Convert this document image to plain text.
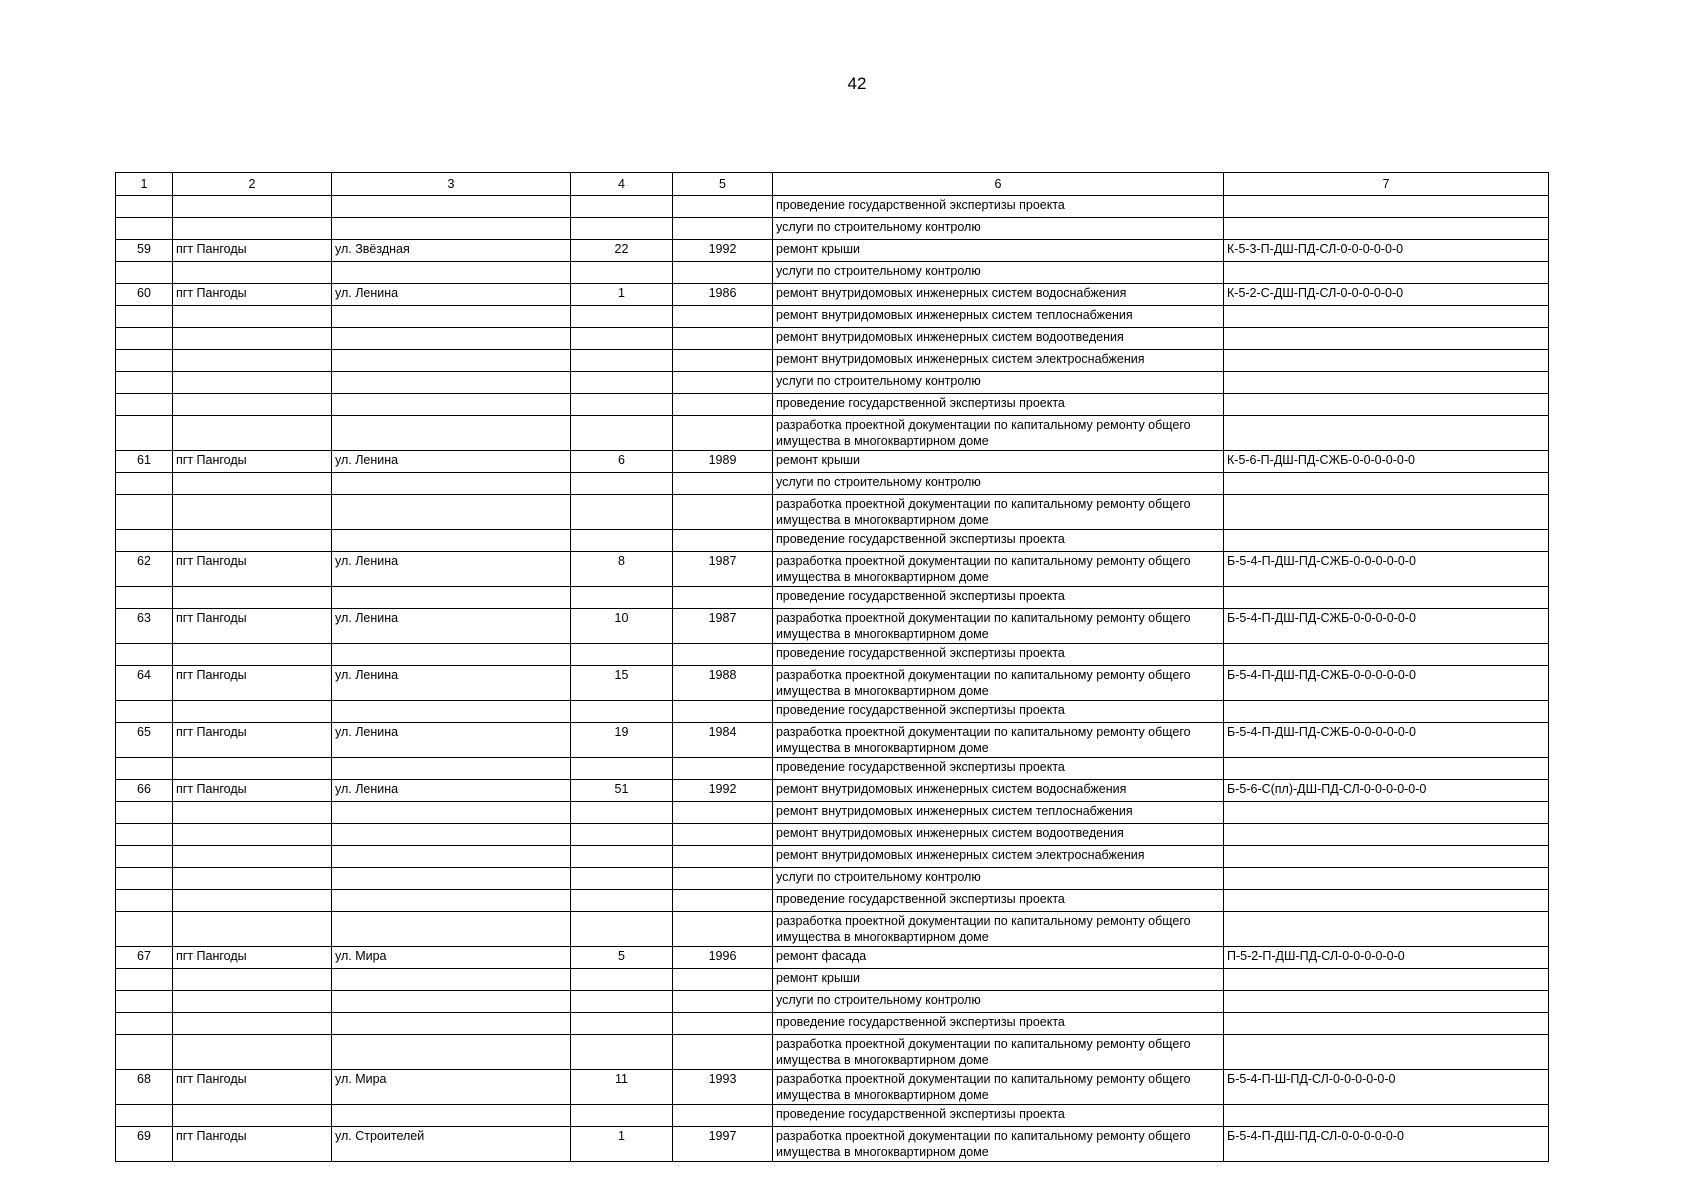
42
1	2	3	4	5	6	7
					проведение государственной экспертизы проекта	
					услуги по строительному контролю	
59	пгт Пангоды	ул. Звёздная	22	1992	ремонт крыши	К-5-3-П-ДШ-ПД-СЛ-0-0-0-0-0-0
					услуги по строительному контролю	
60	пгт Пангоды	ул. Ленина	1	1986	ремонт внутридомовых инженерных систем водоснабжения	К-5-2-С-ДШ-ПД-СЛ-0-0-0-0-0-0
					ремонт внутридомовых инженерных систем теплоснабжения	
					ремонт внутридомовых инженерных систем водоотведения	
					ремонт внутридомовых инженерных систем электроснабжения	
					услуги по строительному контролю	
					проведение государственной экспертизы проекта	
					разработка проектной документации по капитальному ремонту общего имущества в многоквартирном доме	
61	пгт Пангоды	ул. Ленина	6	1989	ремонт крыши	К-5-6-П-ДШ-ПД-СЖБ-0-0-0-0-0-0
					услуги по строительному контролю	
					разработка проектной документации по капитальному ремонту общего имущества в многоквартирном доме	
					проведение государственной экспертизы проекта	
62	пгт Пангоды	ул. Ленина	8	1987	разработка проектной документации по капитальному ремонту общего имущества в многоквартирном доме	Б-5-4-П-ДШ-ПД-СЖБ-0-0-0-0-0-0
					проведение государственной экспертизы проекта	
63	пгт Пангоды	ул. Ленина	10	1987	разработка проектной документации по капитальному ремонту общего имущества в многоквартирном доме	Б-5-4-П-ДШ-ПД-СЖБ-0-0-0-0-0-0
					проведение государственной экспертизы проекта	
64	пгт Пангоды	ул. Ленина	15	1988	разработка проектной документации по капитальному ремонту общего имущества в многоквартирном доме	Б-5-4-П-ДШ-ПД-СЖБ-0-0-0-0-0-0
					проведение государственной экспертизы проекта	
65	пгт Пангоды	ул. Ленина	19	1984	разработка проектной документации по капитальному ремонту общего имущества в многоквартирном доме	Б-5-4-П-ДШ-ПД-СЖБ-0-0-0-0-0-0
					проведение государственной экспертизы проекта	
66	пгт Пангоды	ул. Ленина	51	1992	ремонт внутридомовых инженерных систем водоснабжения	Б-5-6-С(пл)-ДШ-ПД-СЛ-0-0-0-0-0-0
					ремонт внутридомовых инженерных систем теплоснабжения	
					ремонт внутридомовых инженерных систем водоотведения	
					ремонт внутридомовых инженерных систем электроснабжения	
					услуги по строительному контролю	
					проведение государственной экспертизы проекта	
					разработка проектной документации по капитальному ремонту общего имущества в многоквартирном доме	
67	пгт Пангоды	ул. Мира	5	1996	ремонт фасада	П-5-2-П-ДШ-ПД-СЛ-0-0-0-0-0-0
					ремонт крыши	
					услуги по строительному контролю	
					проведение государственной экспертизы проекта	
					разработка проектной документации по капитальному ремонту общего имущества в многоквартирном доме	
68	пгт Пангоды	ул. Мира	11	1993	разработка проектной документации по капитальному ремонту общего имущества в многоквартирном доме	Б-5-4-П-Ш-ПД-СЛ-0-0-0-0-0-0
					проведение государственной экспертизы проекта	
69	пгт Пангоды	ул. Строителей	1	1997	разработка проектной документации по капитальному ремонту общего имущества в многоквартирном доме	Б-5-4-П-ДШ-ПД-СЛ-0-0-0-0-0-0
